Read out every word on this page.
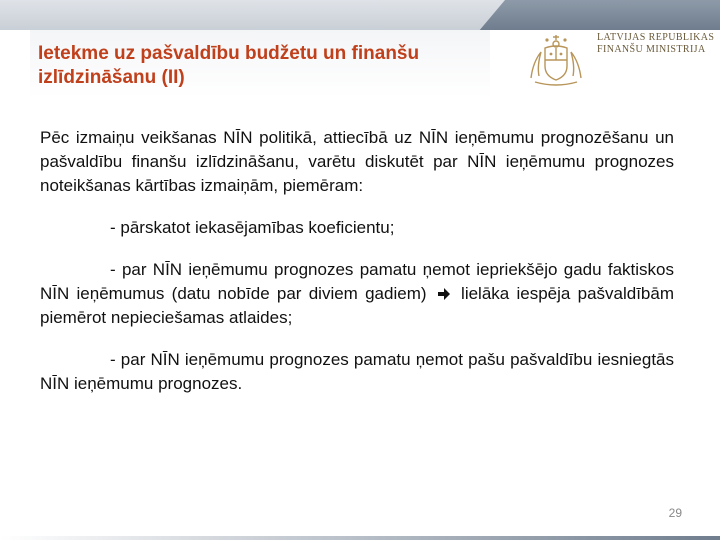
Ietekme uz pašvaldību budžetu un finanšu
izlīdzināšanu (II)
LATVIJAS REPUBLIKAS
FINANŠU MINISTRIJA

Pēc izmaiņu veikšanas NĪN politikā, attiecībā uz NĪN ieņēmumu prognozēšanu un pašvaldību finanšu izlīdzināšanu, varētu diskutēt par NĪN ieņēmumu prognozes noteikšanas kārtības izmaiņām, piemēram:

- pārskatot iekasējamības koeficientu;

- par NĪN ieņēmumu prognozes pamatu ņemot iepriekšējo gadu faktiskos NĪN ieņēmumus (datu nobīde par diviem gadiem) lielāka iespēja pašvaldībām piemērot nepieciešamas atlaides;

- par NĪN ieņēmumu prognozes pamatu ņemot pašu pašvaldību iesniegtās NĪN ieņēmumu prognozes.

29
